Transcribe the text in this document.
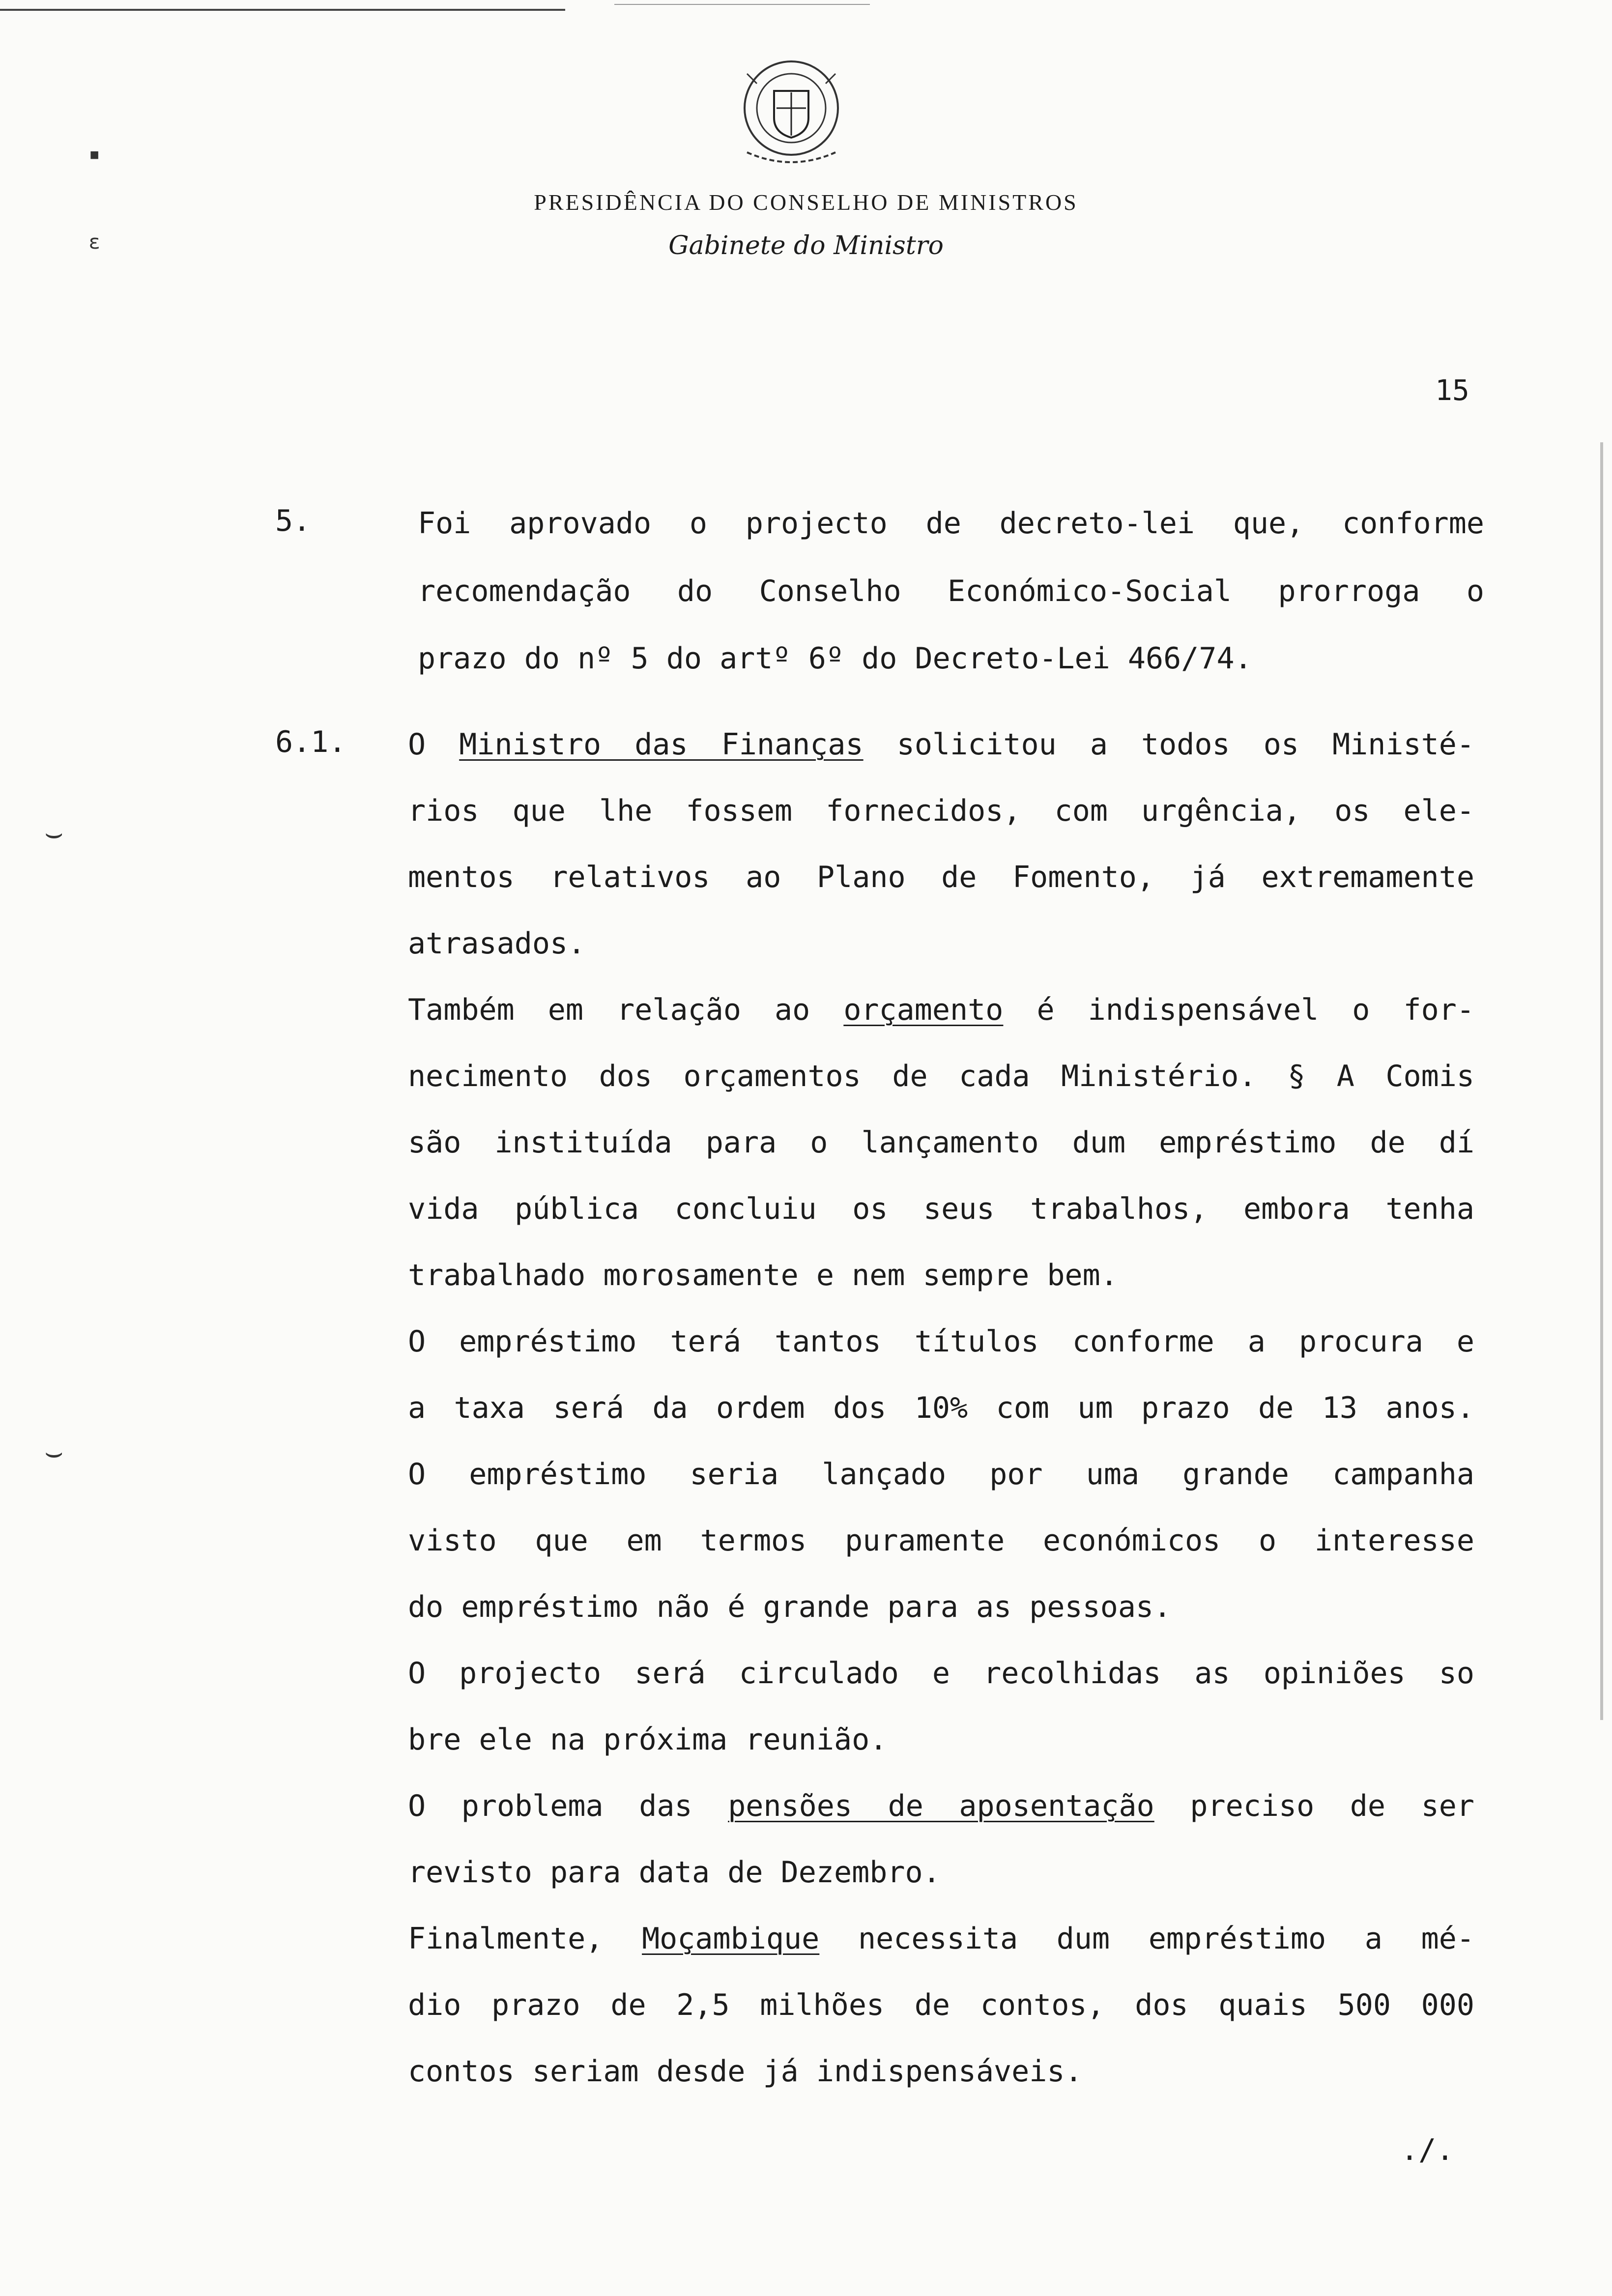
PRESIDÊNCIA DO CONSELHO DE MINISTROS
Gabinete do Ministro
15
▪
ɛ
⌣
⌣
5.	Foi aprovado o projecto de decreto-lei que, conforme
recomendação do Conselho Económico-Social prorroga o
prazo do nº 5 do artº 6º do Decreto-Lei 466/74.
6.1. O Ministro das Finanças solicitou a todos os Ministé-
rios que lhe fossem fornecidos, com urgência, os ele-
mentos relativos ao Plano de Fomento, já extremamente
atrasados.
Também em relação ao orçamento é indispensável o for-
necimento dos orçamentos de cada Ministério. § A Comis
são instituída para o lançamento dum empréstimo de dí
vida pública concluiu os seus trabalhos, embora tenha
trabalhado morosamente e nem sempre bem.
O empréstimo terá tantos títulos conforme a procura e
a taxa será da ordem dos 10% com um prazo de 13 anos.
O empréstimo seria lançado por uma grande campanha
visto que em termos puramente económicos o interesse
do empréstimo não é grande para as pessoas.
O projecto será circulado e recolhidas as opiniões so
bre ele na próxima reunião.
O problema das pensões de aposentação preciso de ser
revisto para data de Dezembro.
Finalmente, Moçambique necessita dum empréstimo a mé-
dio prazo de 2,5 milhões de contos, dos quais 500 000
contos seriam desde já indispensáveis.
./.
